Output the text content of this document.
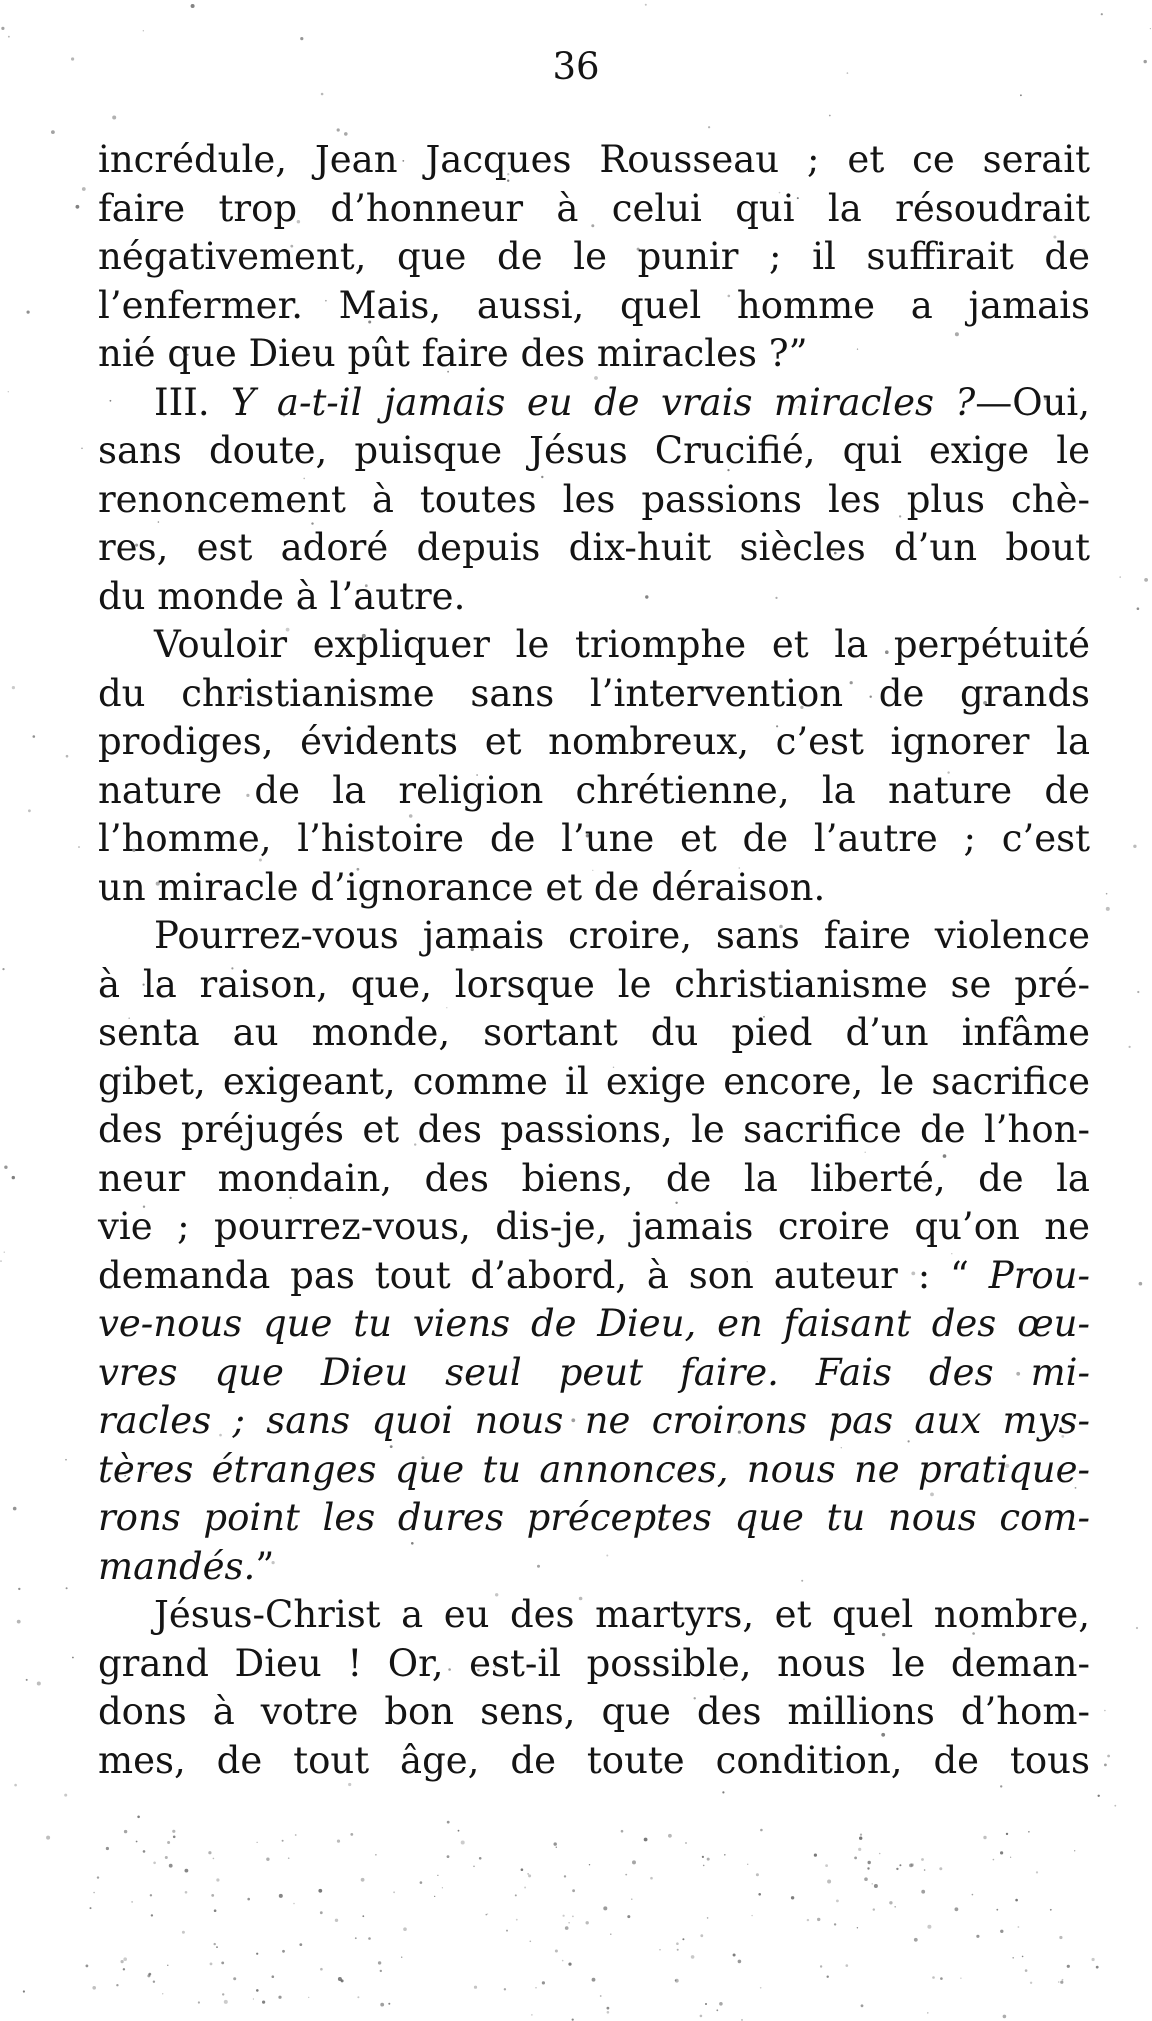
36
incrédule, Jean Jacques Rousseau ; et ce serait
faire trop d’honneur à celui qui la résoudrait
négativement, que de le punir ; il suffirait de
l’enfermer. Mais, aussi, quel homme a jamais
nié que Dieu pût faire des miracles ?”
III. Y a-t-il jamais eu de vrais miracles ?—Oui,
sans doute, puisque Jésus Crucifié, qui exige le
renoncement à toutes les passions les plus chè-
res, est adoré depuis dix-huit siècles d’un bout
du monde à l’autre.
Vouloir expliquer le triomphe et la perpétuité
du christianisme sans l’intervention de grands
prodiges, évidents et nombreux, c’est ignorer la
nature de la religion chrétienne, la nature de
l’homme, l’histoire de l’une et de l’autre ; c’est
un miracle d’ignorance et de déraison.
Pourrez-vous jamais croire, sans faire violence
à la raison, que, lorsque le christianisme se pré-
senta au monde, sortant du pied d’un infâme
gibet, exigeant, comme il exige encore, le sacrifice
des préjugés et des passions, le sacrifice de l’hon-
neur mondain, des biens, de la liberté, de la
vie ; pourrez-vous, dis-je, jamais croire qu’on ne
demanda pas tout d’abord, à son auteur : “ Prou-
ve-nous que tu viens de Dieu, en faisant des œu-
vres que Dieu seul peut faire. Fais des mi-
racles ; sans quoi nous ne croirons pas aux mys-
tères étranges que tu annonces, nous ne pratique-
rons point les dures préceptes que tu nous com-
mandés.”
Jésus-Christ a eu des martyrs, et quel nombre,
grand Dieu ! Or, est-il possible, nous le deman-
dons à votre bon sens, que des millions d’hom-
mes, de tout âge, de toute condition, de tous
